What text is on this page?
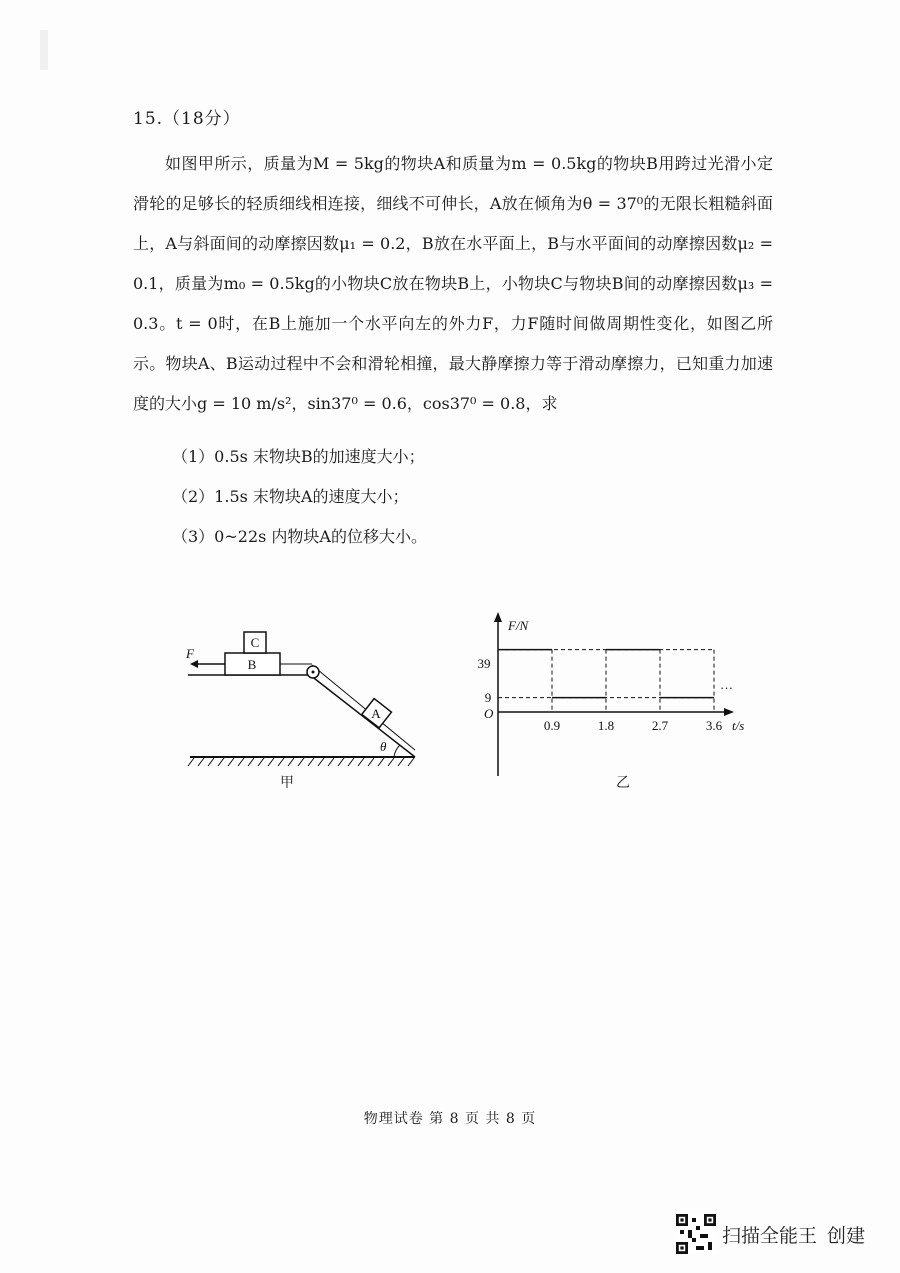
15.（18分）

如图甲所示，质量为M = 5kg的物块A和质量为m = 0.5kg的物块B用跨过光滑小定滑轮的足够长的轻质细线相连接，细线不可伸长，A放在倾角为θ = 37⁰的无限长粗糙斜面上，A与斜面间的动摩擦因数μ₁ = 0.2，B放在水平面上，B与水平面间的动摩擦因数μ₂ = 0.1，质量为m₀ = 0.5kg的小物块C放在物块B上，小物块C与物块B间的动摩擦因数μ₃ = 0.3。t = 0时，在B上施加一个水平向左的外力F，力F随时间做周期性变化，如图乙所示。物块A、B运动过程中不会和滑轮相撞，最大静摩擦力等于滑动摩擦力，已知重力加速度的大小g = 10 m/s²，sin37⁰ = 0.6，cos37⁰ = 0.8，求

（1）0.5s 末物块B的加速度大小；
（2）1.5s 末物块A的速度大小；
（3）0~22s 内物块A的位移大小。
B
C
F
A
θ
甲
F/N
t/s
O
39
9
0.9	1.8	2.7	3.6
…
乙
物理试卷 第 8 页 共 8 页
扫描全能王 创建
